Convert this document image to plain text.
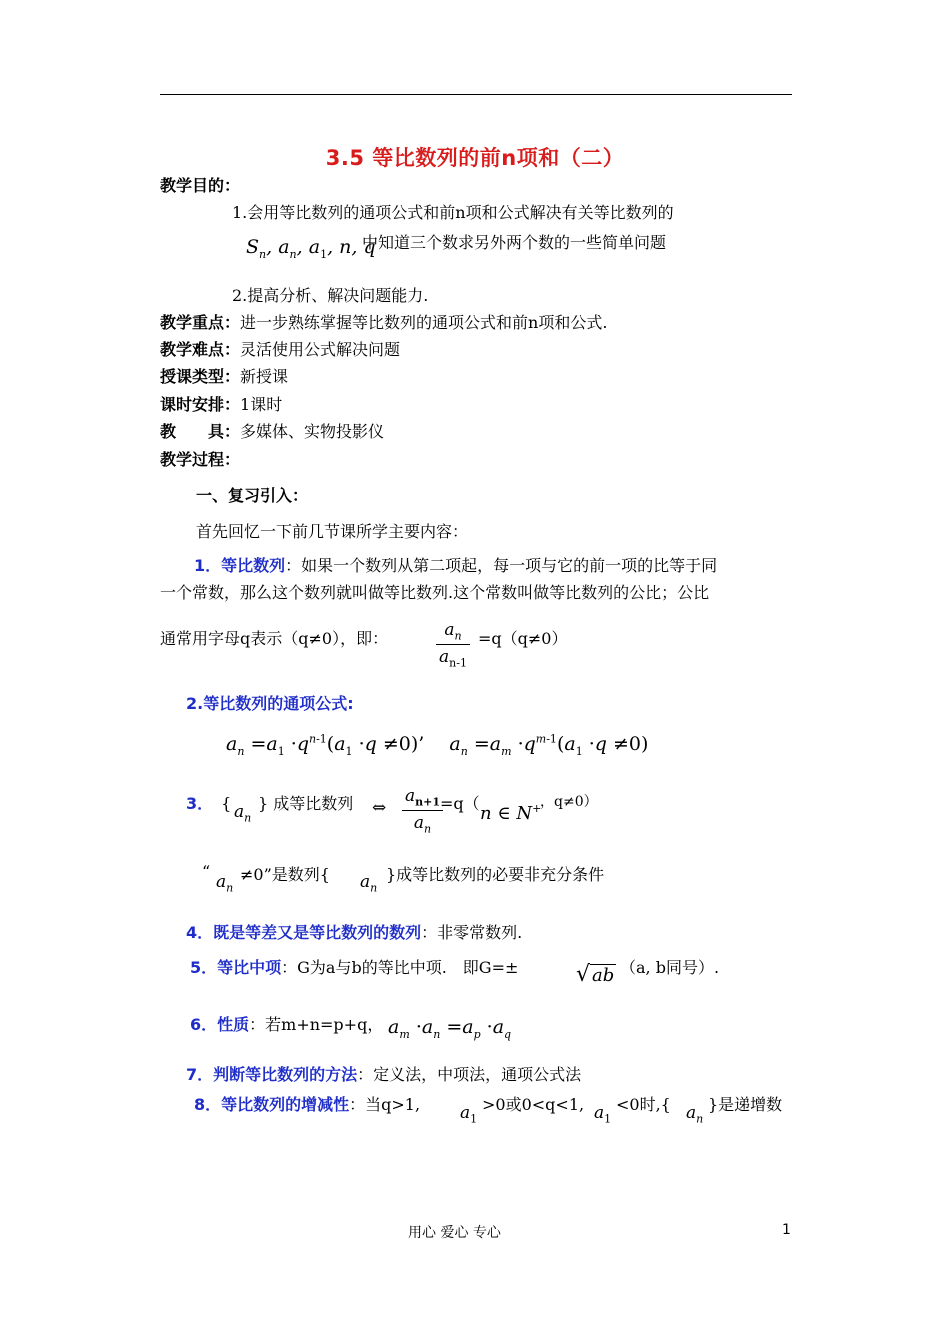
3.5 等比数列的前n项和（二）
教学目的：
1.会用等比数列的通项公式和前n项和公式解决有关等比数列的
$S_n$, $a_n$, $a_1$, n, q
中知道三个数求另外两个数的一些简单问题
2.提高分析、解决问题能力.
教学重点：进一步熟练掌握等比数列的通项公式和前n项和公式.
教学难点：灵活使用公式解决问题
授课类型：新授课
课时安排：1课时
教　　具：多媒体、实物投影仪
教学过程：
一、复习引入：
首先回忆一下前几节课所学主要内容：
1．等比数列：如果一个数列从第二项起，每一项与它的前一项的比等于同
一个常数，那么这个数列就叫做等比数列.这个常数叫做等比数列的公比；公比
通常用字母q表示（q≠0），即：	$a_n$
$a_{n-1}$
=q（q≠0）
2.等比数列的通项公式:
$a_n =a_1 \cdot q^{n-1}(a_1 \cdot q \ne 0)$’　 $a_n =a_m \cdot q^{m-1}(a_1 \cdot q \ne 0)$
3．　 { $a_n$
} 成等比数列 ⇔
$a_{n+1}$
$a_n$
=q（ n ∈ N+
，q≠0）
“
$a_n$
≠0”是数列{ $a_n$
}成等比数列的必要非充分条件
4．既是等差又是等比数列的数列：非零常数列.
5．等比中项：G为a与b的等比中项.　即G=±	√ ab （a, b同号）.
6．性质：若m+n=p+q， $a_m \cdot a_n =a_p \cdot a_q$
7．判断等比数列的方法：定义法，中项法，通项公式法
8．等比数列的增减性：当q>1, $a_1$
>0或0<q<1, $a_1$
<0时,{ $a_n$
}是递增数
用心 爱心 专心	1
